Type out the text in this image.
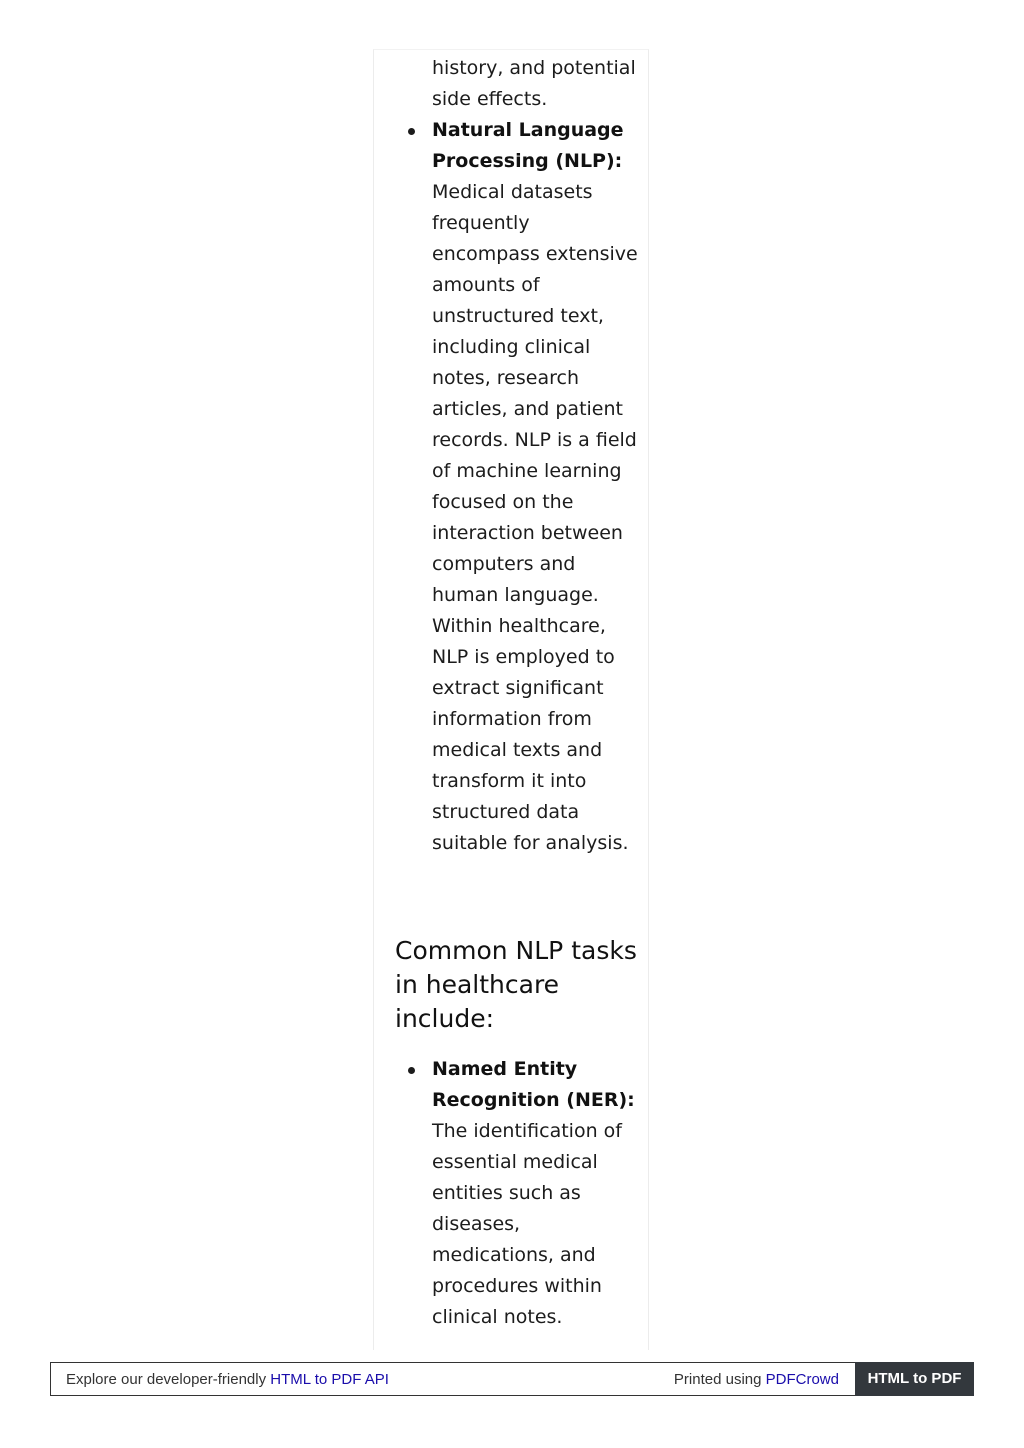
history, and potential side effects.
Natural Language Processing (NLP): Medical datasets frequently encompass extensive amounts of unstructured text, including clinical notes, research articles, and patient records. NLP is a field of machine learning focused on the interaction between computers and human language. Within healthcare, NLP is employed to extract significant information from medical texts and transform it into structured data suitable for analysis.
Common NLP tasks in healthcare include:
Named Entity Recognition (NER): The identification of essential medical entities such as diseases, medications, and procedures within clinical notes.
Explore our developer-friendly HTML to PDF API	Printed using PDFCrowd	HTML to PDF
